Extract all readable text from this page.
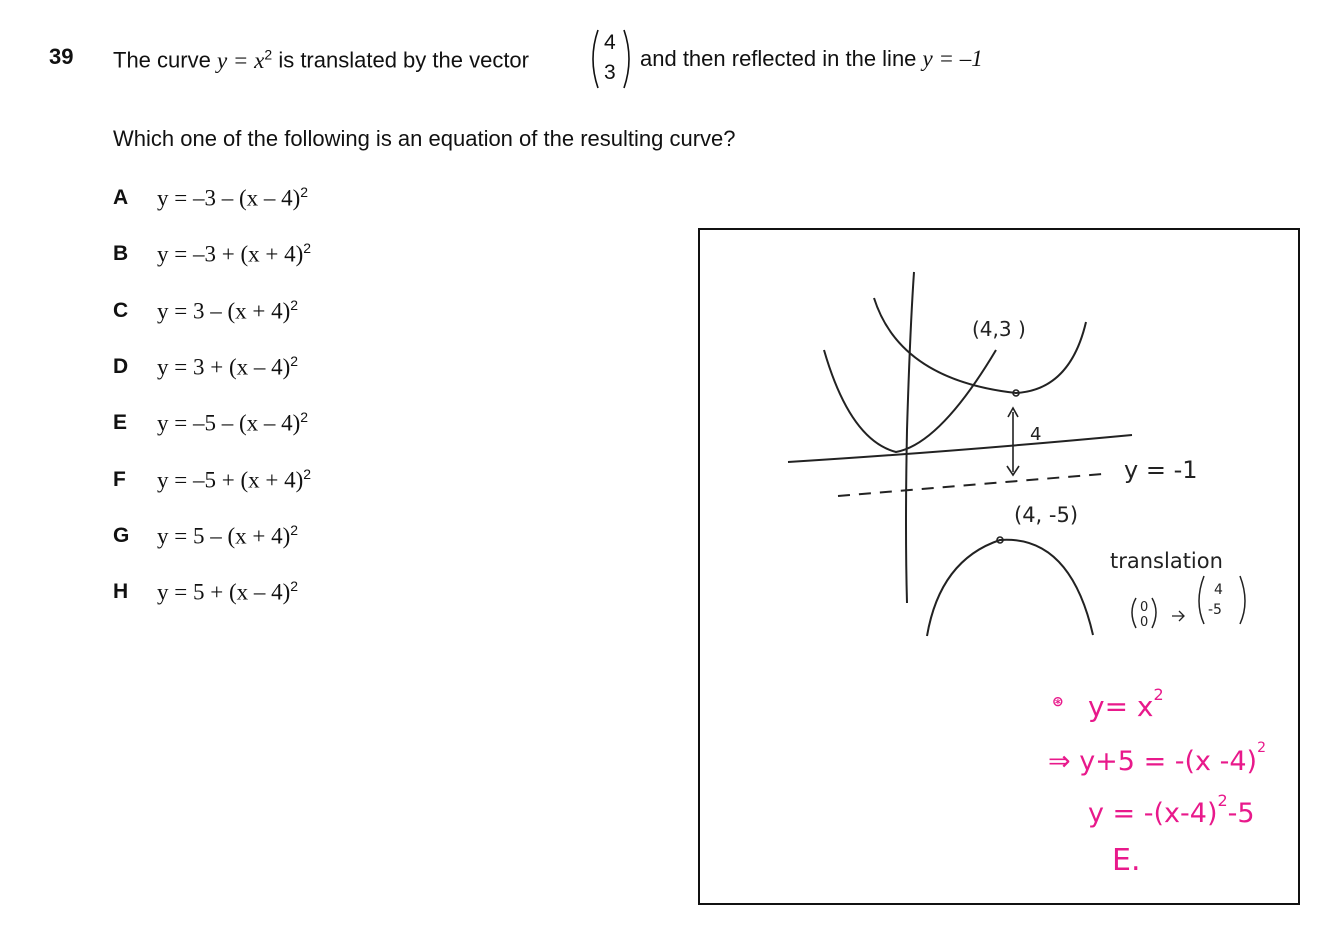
39 The curve $y = x^2$ is translated by the vector
4
3
and then reflected in the line y = –1
Which one of the following is an equation of the resulting curve?
A y = –3 – (x – 4)$^2$
B $y = -3 + (x + 4)^2$
C $y = 3 - (x + 4)^2$
D y = 3 + (x – 4)$^2$
E y = –5 – (x – 4)$^2$
F $y = -5 + (x + 4)^2$
G $y = 5 - (x + 4)^2$
H y = 5 + (x – 4)$^2$
(4,3 )
4
y = -1
(4, -5)
translation
0
0
4
-5
⊛ $y= x^2$
⇒ y+5 = -(x -4)$^2$
$y = -(x-4)^2-5$
E.
